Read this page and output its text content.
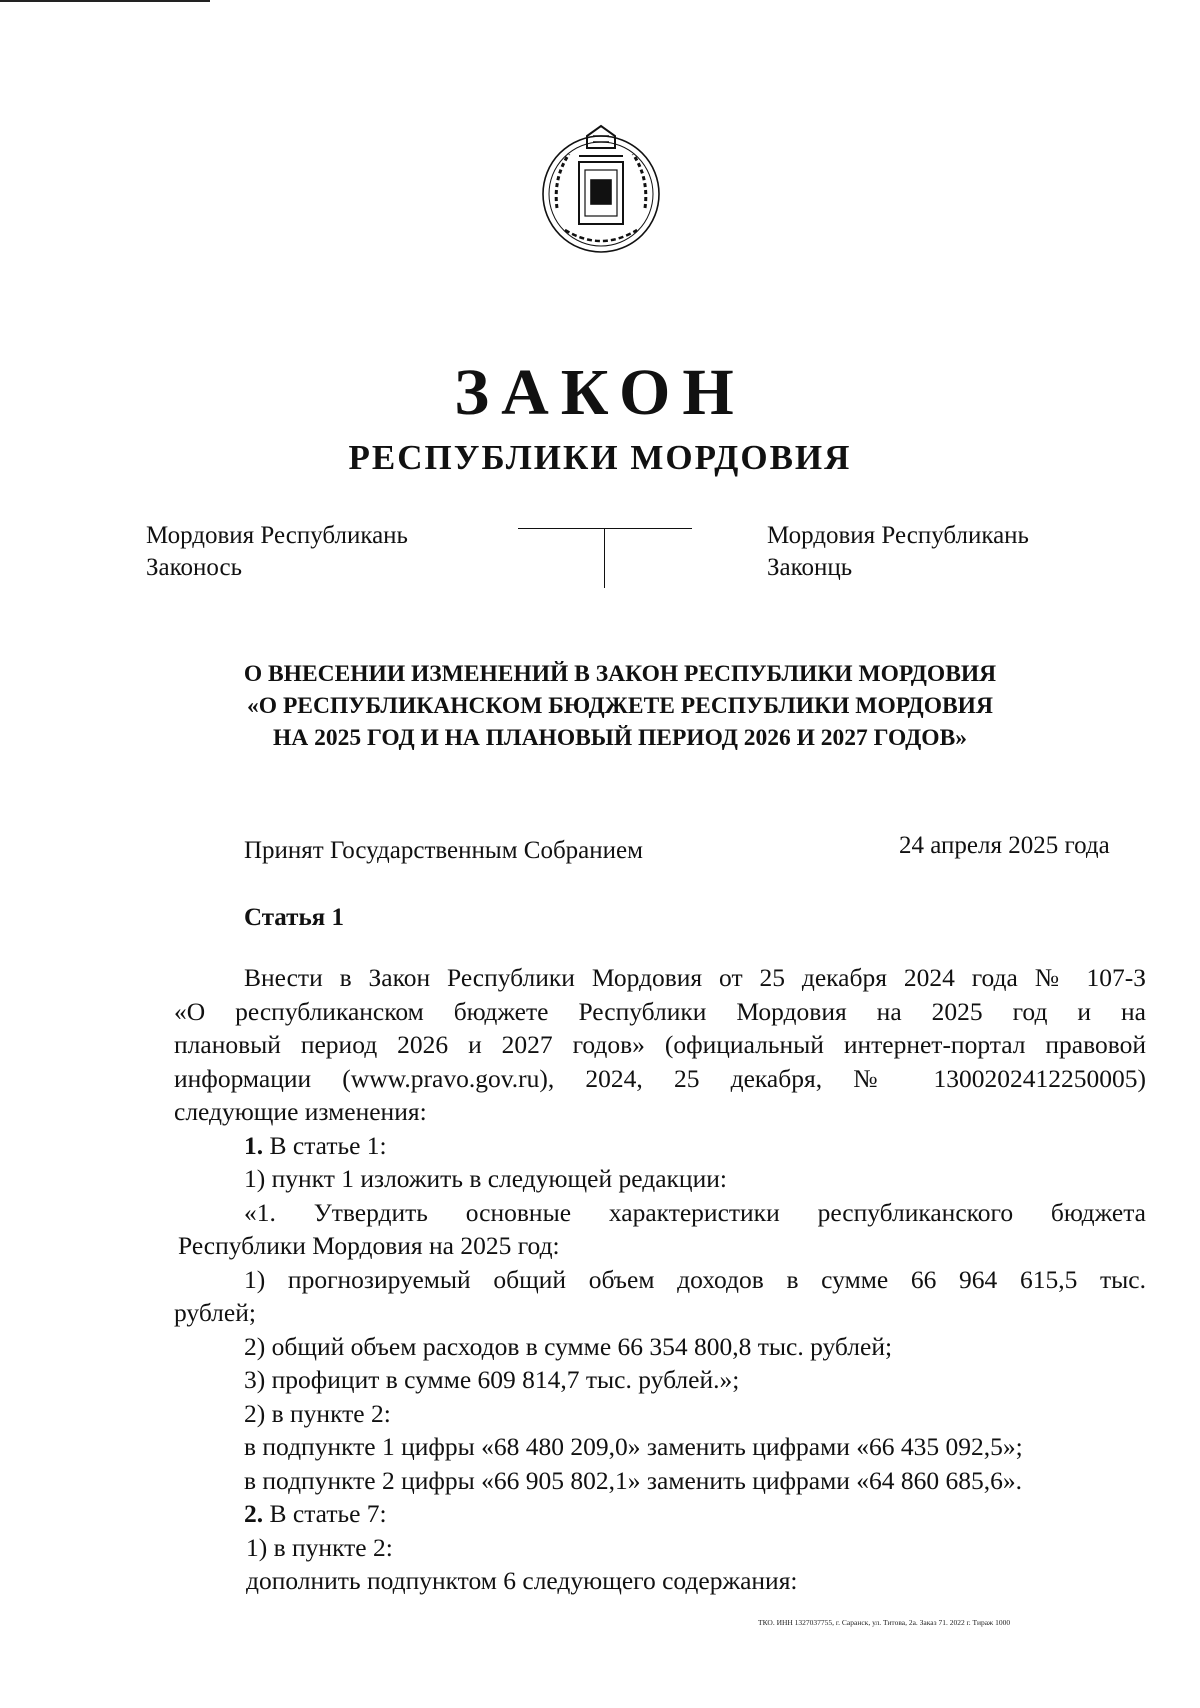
ЗАКОН
РЕСПУБЛИКИ МОРДОВИЯ
Мордовия Республикань
Законось
Мордовия Республикань
Законць
О ВНЕСЕНИИ ИЗМЕНЕНИЙ В ЗАКОН РЕСПУБЛИКИ МОРДОВИЯ
«О РЕСПУБЛИКАНСКОМ БЮДЖЕТЕ РЕСПУБЛИКИ МОРДОВИЯ
НА 2025 ГОД И НА ПЛАНОВЫЙ ПЕРИОД 2026 И 2027 ГОДОВ»
Принят Государственным Собранием	24 апреля 2025 года
Статья 1
Внести в Закон Республики Мордовия от 25 декабря 2024 года № 107-З
«О республиканском бюджете Республики Мордовия на 2025 год и на
плановый период 2026 и 2027 годов» (официальный интернет-портал правовой
информации (www.pravo.gov.ru), 2024, 25 декабря, № 1300202412250005)
следующие изменения:
1. В статье 1:
1) пункт 1 изложить в следующей редакции:
«1. Утвердить основные характеристики республиканского бюджета
Республики Мордовия на 2025 год:
1) прогнозируемый общий объем доходов в сумме 66 964 615,5 тыс.
рублей;
2) общий объем расходов в сумме 66 354 800,8 тыс. рублей;
3) профицит в сумме 609 814,7 тыс. рублей.»;
2) в пункте 2:
в подпункте 1 цифры «68 480 209,0» заменить цифрами «66 435 092,5»;
в подпункте 2 цифры «66 905 802,1» заменить цифрами «64 860 685,6».
2. В статье 7:
1) в пункте 2:
дополнить подпунктом 6 следующего содержания:
ТКО. ИНН 1327037755, г. Саранск, ул. Титова, 2а. Заказ 71. 2022 г. Тираж 1000
